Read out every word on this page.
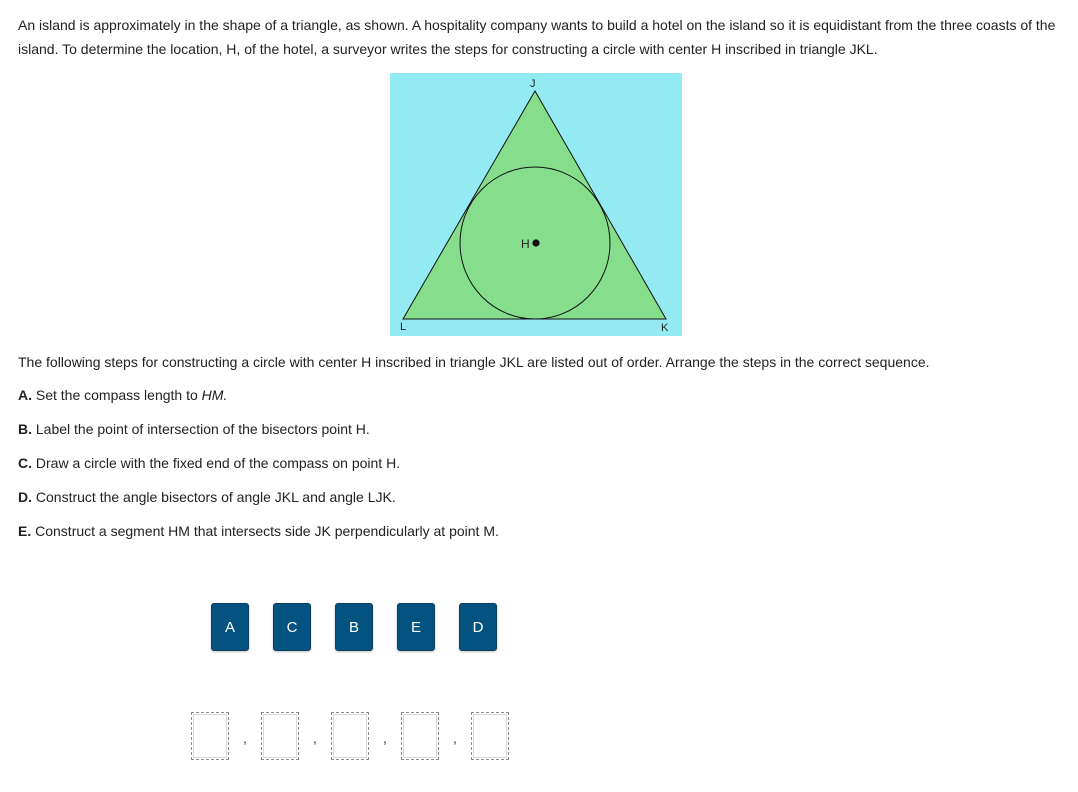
An island is approximately in the shape of a triangle, as shown. A hospitality company wants to build a hotel on the island so it is equidistant from the three coasts of the island. To determine the location, H, of the hotel, a surveyor writes the steps for constructing a circle with center H inscribed in triangle JKL.

H
J
K
L

The following steps for constructing a circle with center H inscribed in triangle JKL are listed out of order. Arrange the steps in the correct sequence.

A. Set the compass length to HM.
B. Label the point of intersection of the bisectors point H.
C. Draw a circle with the fixed end of the compass on point H.
D. Construct the angle bisectors of angle JKL and angle LJK.
E. Construct a segment HM that intersects side JK perpendicularly at point M.
A	C	B	E	D
,	,	,	,
